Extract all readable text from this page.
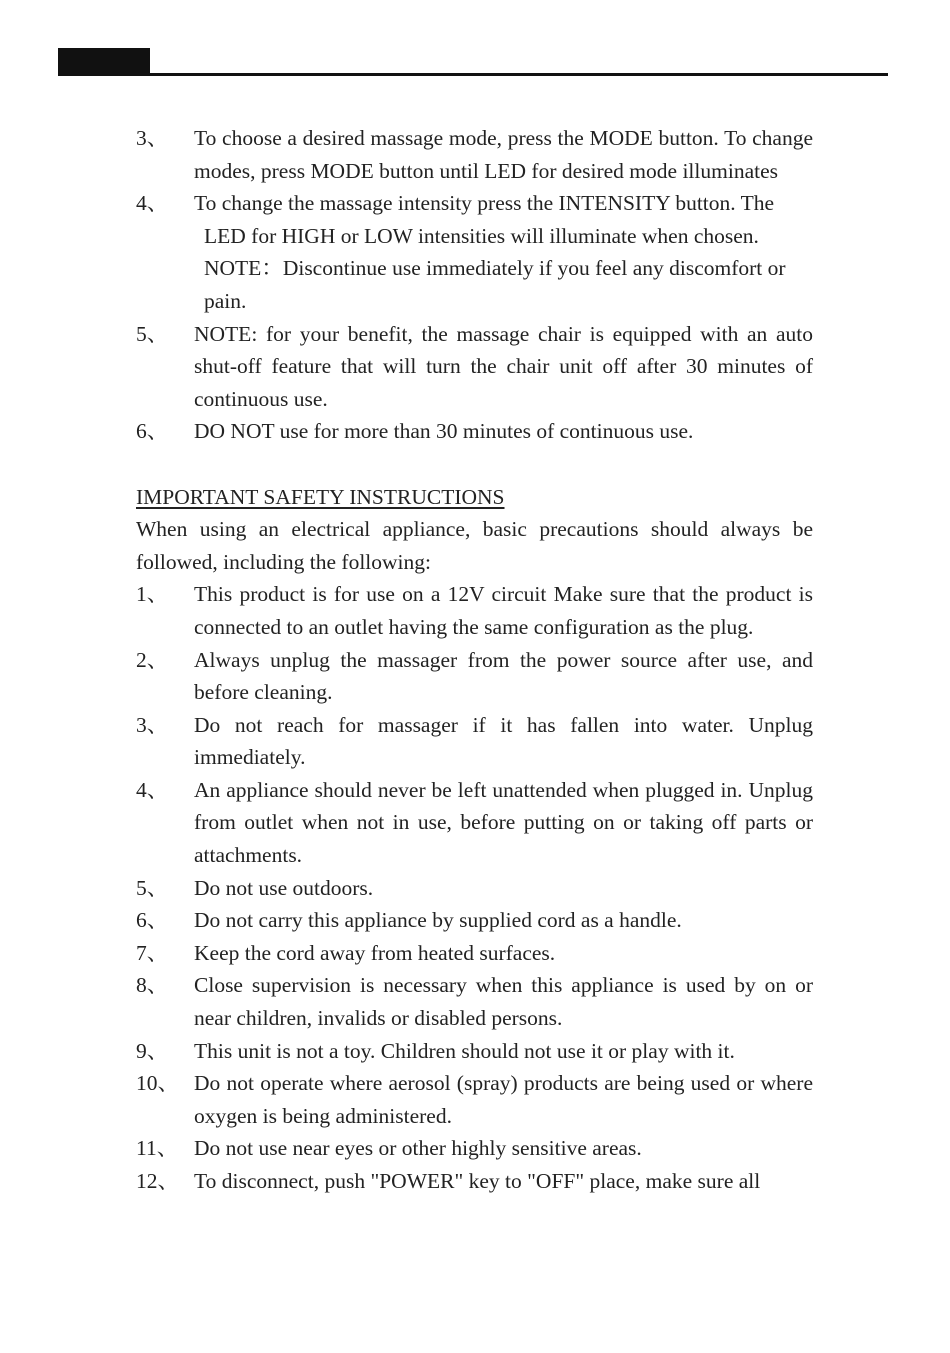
3、	To choose a desired massage mode, press the MODE button. To change modes, press MODE button until LED for desired mode illuminates
4、	To change the massage intensity press the INTENSITY button. The
LED for HIGH or LOW intensities will illuminate when chosen.
NOTE：Discontinue use immediately if you feel any discomfort or pain.
5、	NOTE: for your benefit, the massage chair is equipped with an auto shut-off feature that will turn the chair unit off after 30 minutes of continuous use.
6、	DO NOT use for more than 30 minutes of continuous use.
IMPORTANT SAFETY INSTRUCTIONS
When using an electrical appliance, basic precautions should always be followed, including the following:
1、	This product is for use on a 12V circuit Make sure that the product is connected to an outlet having the same configuration as the plug.
2、	Always unplug the massager from the power source after use, and before cleaning.
3、	Do not reach for massager if it has fallen into water. Unplug immediately.
4、	An appliance should never be left unattended when plugged in. Unplug from outlet when not in use, before putting on or taking off parts or attachments.
5、	Do not use outdoors.
6、	Do not carry this appliance by supplied cord as a handle.
7、	Keep the cord away from heated surfaces.
8、	Close supervision is necessary when this appliance is used by on or near children, invalids or disabled persons.
9、	This unit is not a toy. Children should not use it or play with it.
10、 Do not operate where aerosol (spray) products are being used or where oxygen is being administered.
11、 Do not use near eyes or other highly sensitive areas.
12、 To disconnect, push "POWER" key to "OFF" place, make sure all
